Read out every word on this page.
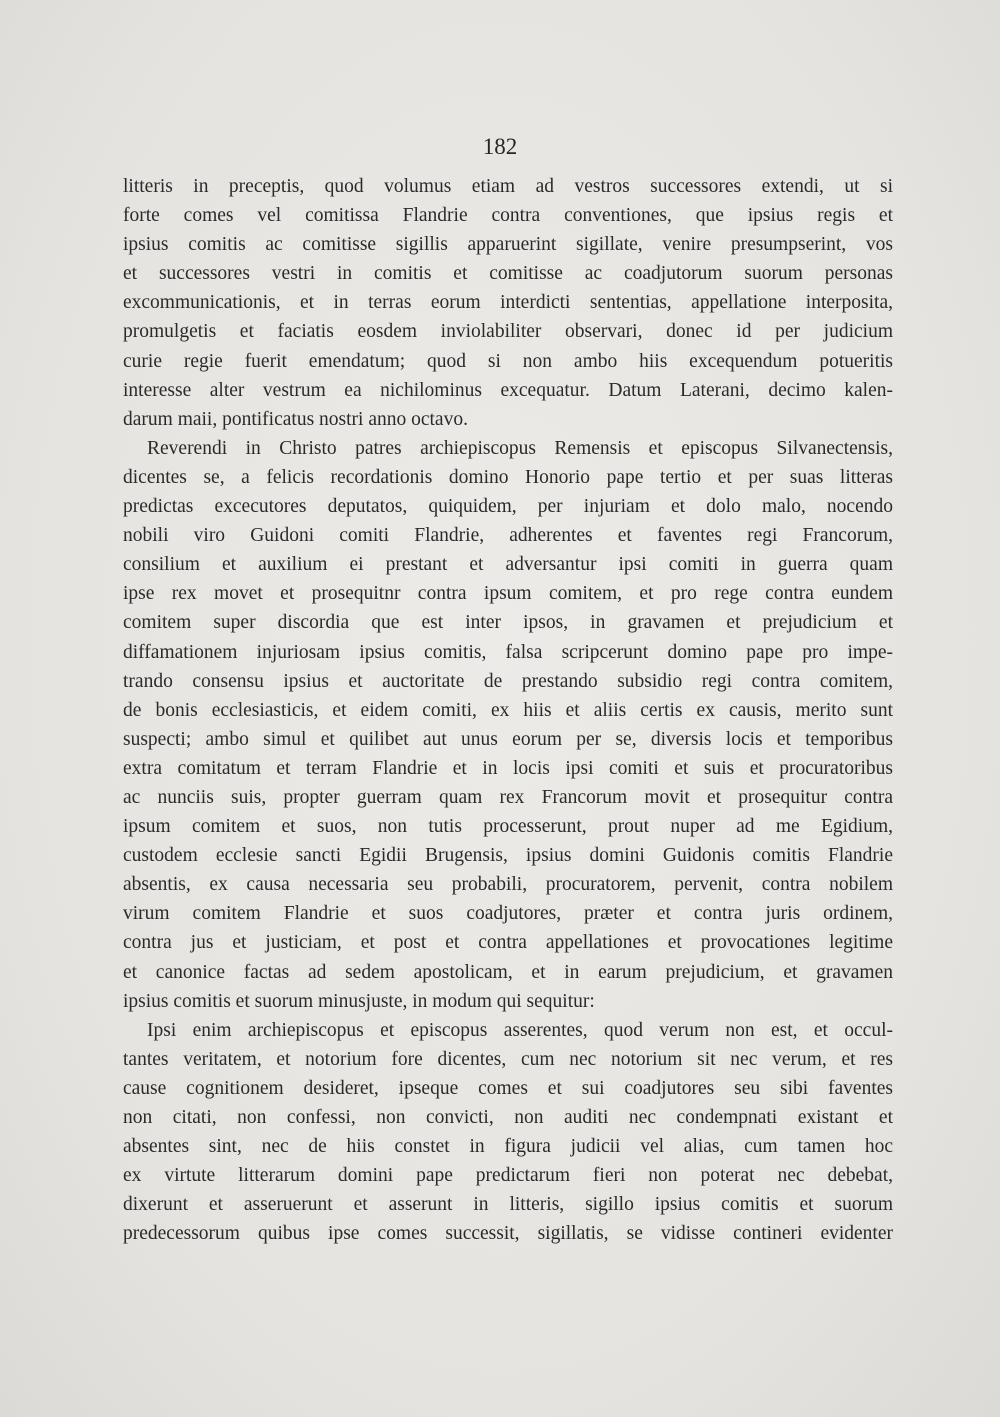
182
litteris in preceptis, quod volumus etiam ad vestros successores extendi, ut si
forte comes vel comitissa Flandrie contra conventiones, que ipsius regis et
ipsius comitis ac comitisse sigillis apparuerint sigillate, venire presumpserint, vos
et successores vestri in comitis et comitisse ac coadjutorum suorum personas
excommunicationis, et in terras eorum interdicti sententias, appellatione interposita,
promulgetis et faciatis eosdem inviolabiliter observari, donec id per judicium
curie regie fuerit emendatum; quod si non ambo hiis excequendum potueritis
interesse alter vestrum ea nichilominus excequatur. Datum Laterani, decimo kalen-
darum maii, pontificatus nostri anno octavo.
Reverendi in Christo patres archiepiscopus Remensis et episcopus Silvanectensis,
dicentes se, a felicis recordationis domino Honorio pape tertio et per suas litteras
predictas excecutores deputatos, quiquidem, per injuriam et dolo malo, nocendo
nobili viro Guidoni comiti Flandrie, adherentes et faventes regi Francorum,
consilium et auxilium ei prestant et adversantur ipsi comiti in guerra quam
ipse rex movet et prosequitnr contra ipsum comitem, et pro rege contra eundem
comitem super discordia que est inter ipsos, in gravamen et prejudicium et
diffamationem injuriosam ipsius comitis, falsa scripcerunt domino pape pro impe-
trando consensu ipsius et auctoritate de prestando subsidio regi contra comitem,
de bonis ecclesiasticis, et eidem comiti, ex hiis et aliis certis ex causis, merito sunt
suspecti; ambo simul et quilibet aut unus eorum per se, diversis locis et temporibus
extra comitatum et terram Flandrie et in locis ipsi comiti et suis et procuratoribus
ac nunciis suis, propter guerram quam rex Francorum movit et prosequitur contra
ipsum comitem et suos, non tutis processerunt, prout nuper ad me Egidium,
custodem ecclesie sancti Egidii Brugensis, ipsius domini Guidonis comitis Flandrie
absentis, ex causa necessaria seu probabili, procuratorem, pervenit, contra nobilem
virum comitem Flandrie et suos coadjutores, præter et contra juris ordinem,
contra jus et justiciam, et post et contra appellationes et provocationes legitime
et canonice factas ad sedem apostolicam, et in earum prejudicium, et gravamen
ipsius comitis et suorum minusjuste, in modum qui sequitur:
Ipsi enim archiepiscopus et episcopus asserentes, quod verum non est, et occul-
tantes veritatem, et notorium fore dicentes, cum nec notorium sit nec verum, et res
cause cognitionem desideret, ipseque comes et sui coadjutores seu sibi faventes
non citati, non confessi, non convicti, non auditi nec condempnati existant et
absentes sint, nec de hiis constet in figura judicii vel alias, cum tamen hoc
ex virtute litterarum domini pape predictarum fieri non poterat nec debebat,
dixerunt et asseruerunt et asserunt in litteris, sigillo ipsius comitis et suorum
predecessorum quibus ipse comes successit, sigillatis, se vidisse contineri evidenter
